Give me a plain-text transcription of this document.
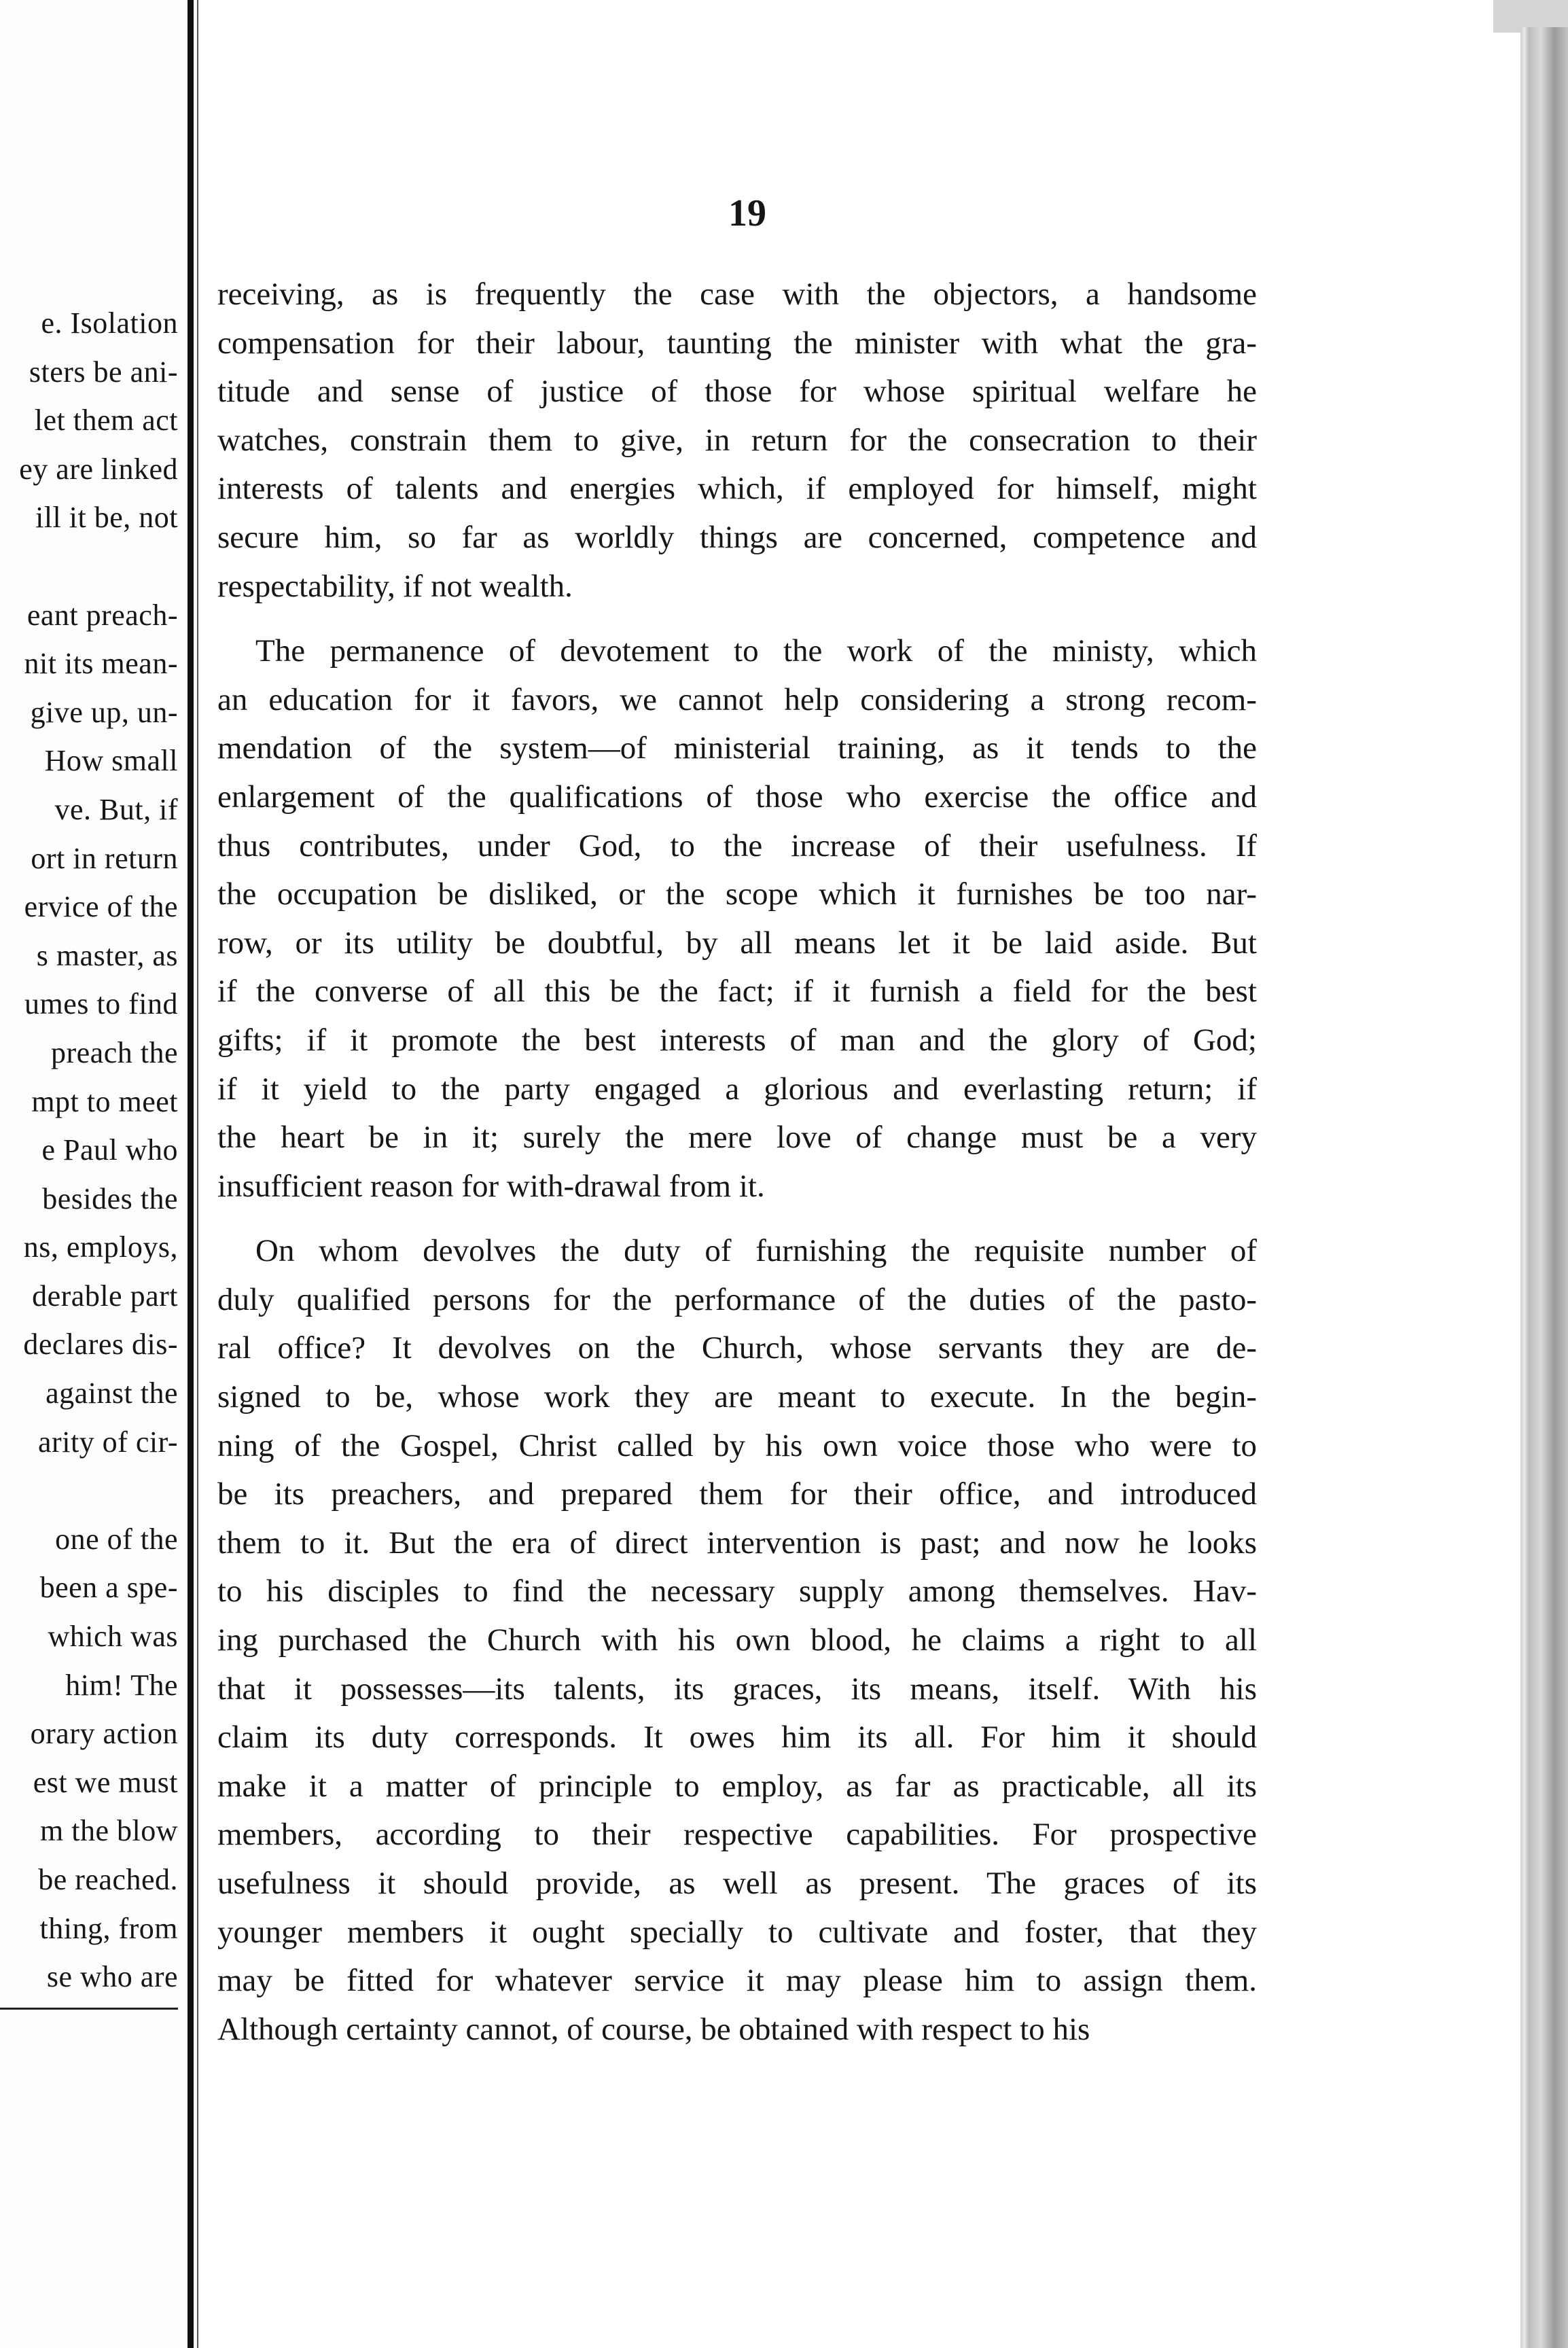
e. Isolation
sters be ani-
let them act
ey are linked
ill it be, not

eant preach-
nit its mean-
give up, un-
How small
ve. But, if
ort in return
ervice of the
s master, as
umes to find
preach the
mpt to meet
e Paul who
besides the
ns, employs,
derable part
declares dis-
against the
arity of cir-

one of the
been a spe-
which was
him! The
orary action
est we must
m the blow
be reached.
thing, from
se who are
19
receiving, as is frequently the case with the objectors, a handsome
compensation for their labour, taunting the minister with what the gra-
titude and sense of justice of those for whose spiritual welfare he
watches, constrain them to give, in return for the consecration to their
interests of talents and energies which, if employed for himself, might
secure him, so far as worldly things are concerned, competence and
respectability, if not wealth.
The permanence of devotement to the work of the ministy, which
an education for it favors, we cannot help considering a strong recom-
mendation of the system—of ministerial training, as it tends to the
enlargement of the qualifications of those who exercise the office and
thus contributes, under God, to the increase of their usefulness. If
the occupation be disliked, or the scope which it furnishes be too nar-
row, or its utility be doubtful, by all means let it be laid aside. But
if the converse of all this be the fact; if it furnish a field for the best
gifts; if it promote the best interests of man and the glory of God;
if it yield to the party engaged a glorious and everlasting return; if
the heart be in it; surely the mere love of change must be a very
insufficient reason for with-drawal from it.
On whom devolves the duty of furnishing the requisite number of
duly qualified persons for the performance of the duties of the pasto-
ral office? It devolves on the Church, whose servants they are de-
signed to be, whose work they are meant to execute. In the begin-
ning of the Gospel, Christ called by his own voice those who were to
be its preachers, and prepared them for their office, and introduced
them to it. But the era of direct intervention is past; and now he looks
to his disciples to find the necessary supply among themselves. Hav-
ing purchased the Church with his own blood, he claims a right to all
that it possesses—its talents, its graces, its means, itself. With his
claim its duty corresponds. It owes him its all. For him it should
make it a matter of principle to employ, as far as practicable, all its
members, according to their respective capabilities. For prospective
usefulness it should provide, as well as present. The graces of its
younger members it ought specially to cultivate and foster, that they
may be fitted for whatever service it may please him to assign them.
Although certainty cannot, of course, be obtained with respect to his
